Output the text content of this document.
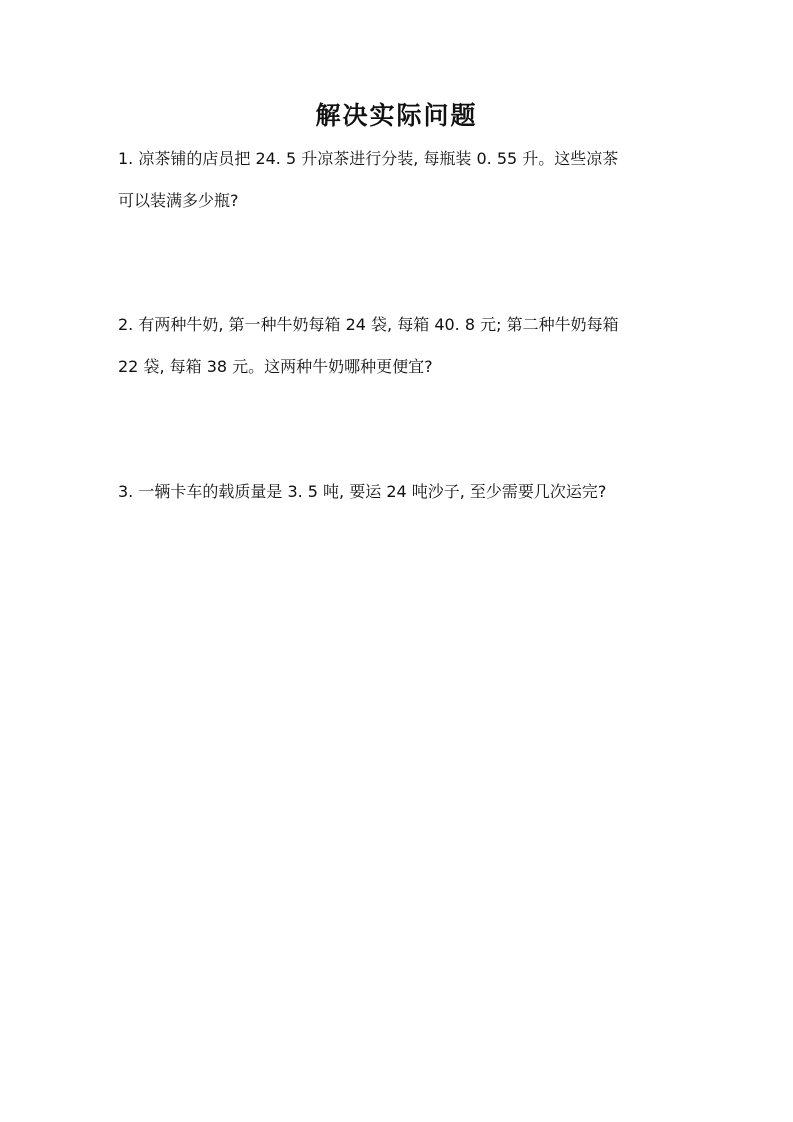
解决实际问题
1. 凉茶铺的店员把 24. 5 升凉茶进行分装, 每瓶装 0. 55 升。这些凉茶
可以装满多少瓶?
2. 有两种牛奶, 第一种牛奶每箱 24 袋, 每箱 40. 8 元; 第二种牛奶每箱
22 袋, 每箱 38 元。这两种牛奶哪种更便宜?
3. 一辆卡车的载质量是 3. 5 吨, 要运 24 吨沙子, 至少需要几次运完?
